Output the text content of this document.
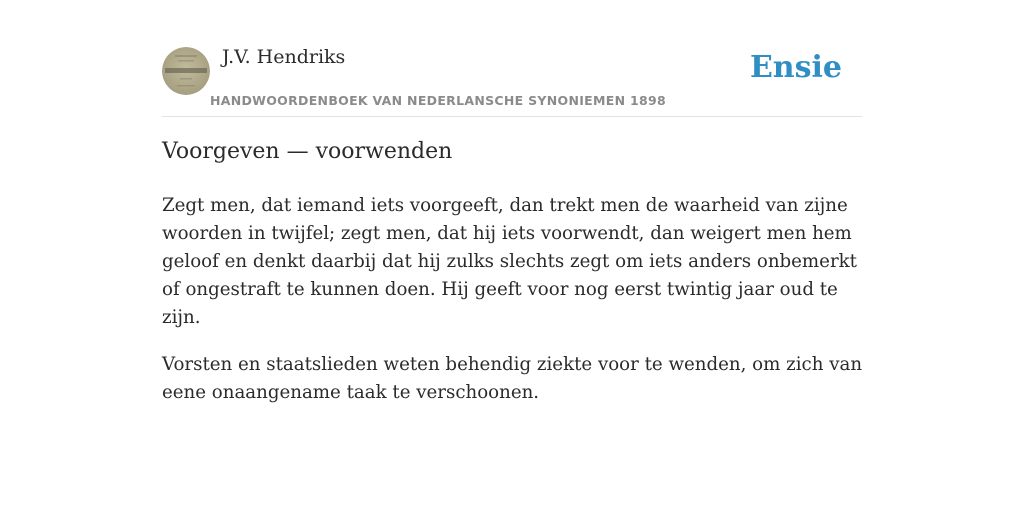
J.V. Hendriks
HANDWOORDENBOEK VAN NEDERLANSCHE SYNONIEMEN 1898
Ensie
Voorgeven — voorwenden

Zegt men, dat iemand iets voorgeeft, dan trekt men de waarheid van zijne woorden in twijfel; zegt men, dat hij iets voorwendt, dan weigert men hem geloof en denkt daarbij dat hij zulks slechts zegt om iets anders onbemerkt of ongestraft te kunnen doen. Hij geeft voor nog eerst twintig jaar oud te zijn.

Vorsten en staatslieden weten behendig ziekte voor te wenden, om zich van eene onaangename taak te verschoonen.
